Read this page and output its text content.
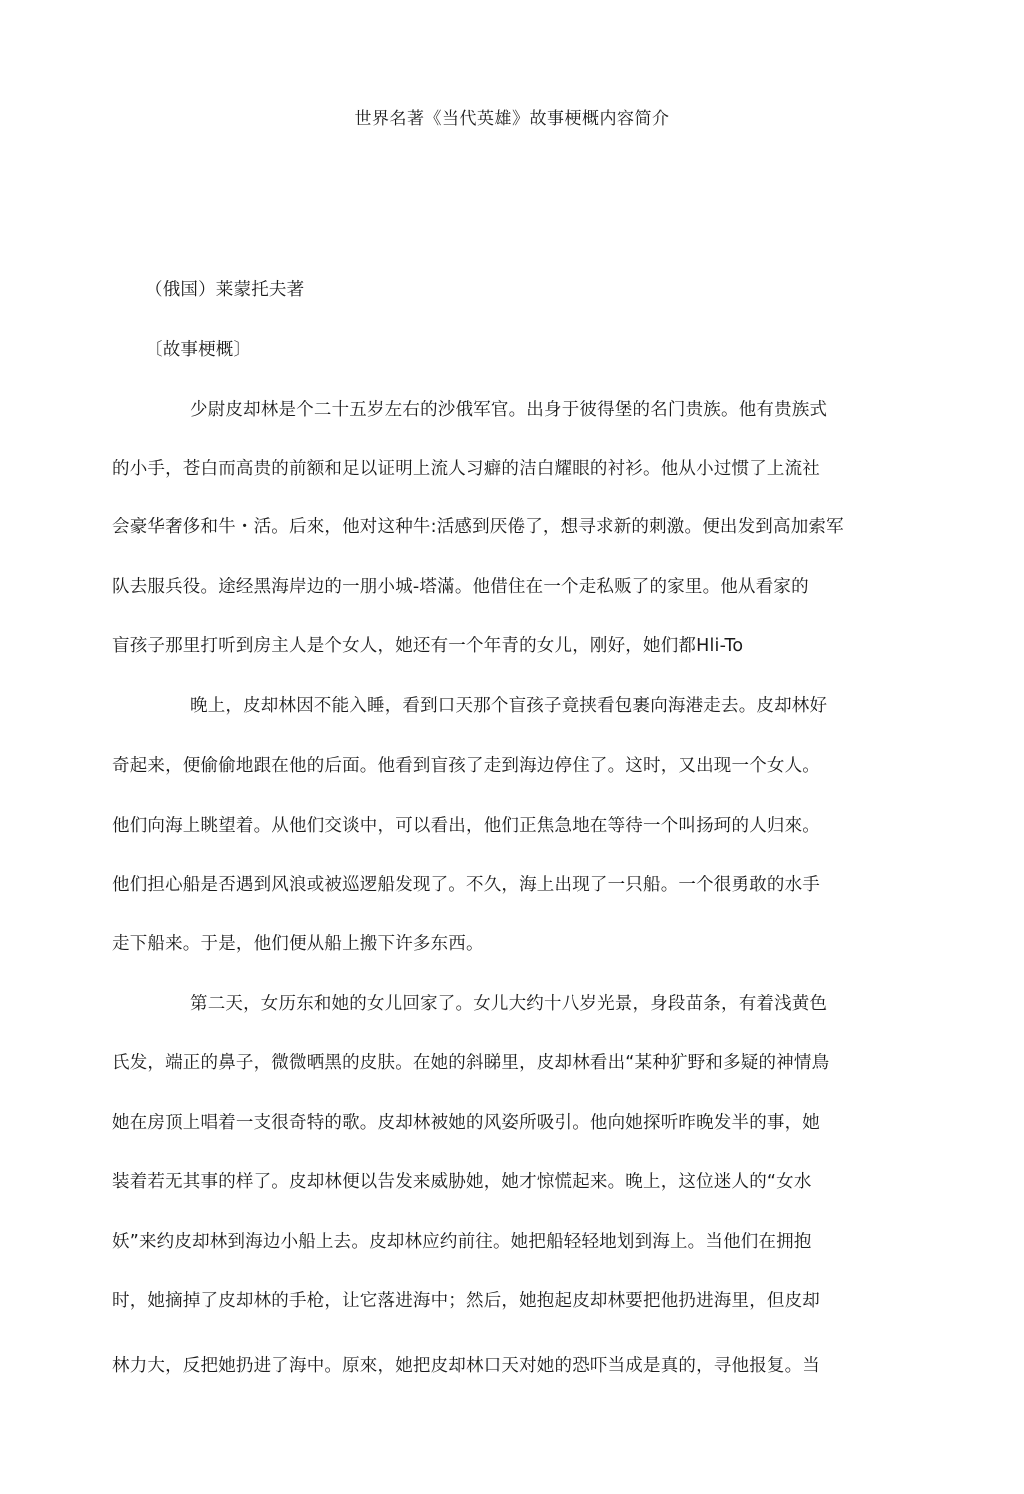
世界名著《当代英雄》故事梗概内容简介
（俄国）莱蒙托夫著
〔故事梗概〕
少尉皮却林是个二十五岁左右的沙俄军官。出身于彼得堡的名门贵族。他有贵族式
的小手，苍白而高贵的前额和足以证明上流人习癖的洁白耀眼的衬衫。他从小过惯了上流社
会豪华奢侈和牛・活。后來，他对这种牛:活感到厌倦了，想寻求新的刺激。便出发到高加索军
队去服兵役。途经黑海岸边的一朋小城-塔滿。他借住在一个走私贩了的家里。他从看家的
盲孩子那里打听到房主人是个女人，她还有一个年青的女儿，刚好，她们都Hli-To
晚上，皮却林因不能入睡，看到口天那个盲孩子竟挟看包裹向海港走去。皮却林好
奇起来，便偷偷地跟在他的后面。他看到盲孩了走到海边停住了。这时，又出现一个女人。
他们向海上眺望着。从他们交谈中，可以看出，他们正焦急地在等待一个叫扬珂的人归來。
他们担心船是否遇到风浪或被巡逻船发现了。不久，海上出现了一只船。一个很勇敢的水手
走下船来。于是，他们便从船上搬下许多东西。
第二天，女历东和她的女儿回家了。女儿大约十八岁光景，身段苗条，有着浅黄色
氏发，端正的鼻子，微微晒黑的皮肤。在她的斜睇里，皮却林看出“某种犷野和多疑的神情鳥
她在房顶上唱着一支很奇特的歌。皮却林被她的风姿所吸引。他向她探听昨晚发半的事，她
装着若无其事的样了。皮却林便以告发来威胁她，她才惊慌起来。晚上，这位迷人的“女水
妖”来约皮却林到海边小船上去。皮却林应约前往。她把船轻轻地划到海上。当他们在拥抱
时，她摘掉了皮却林的手枪，让它落进海中；然后，她抱起皮却林要把他扔进海里，但皮却
林力大，反把她扔进了海中。原來，她把皮却林口天对她的恐吓当成是真的，寻他报复。当
